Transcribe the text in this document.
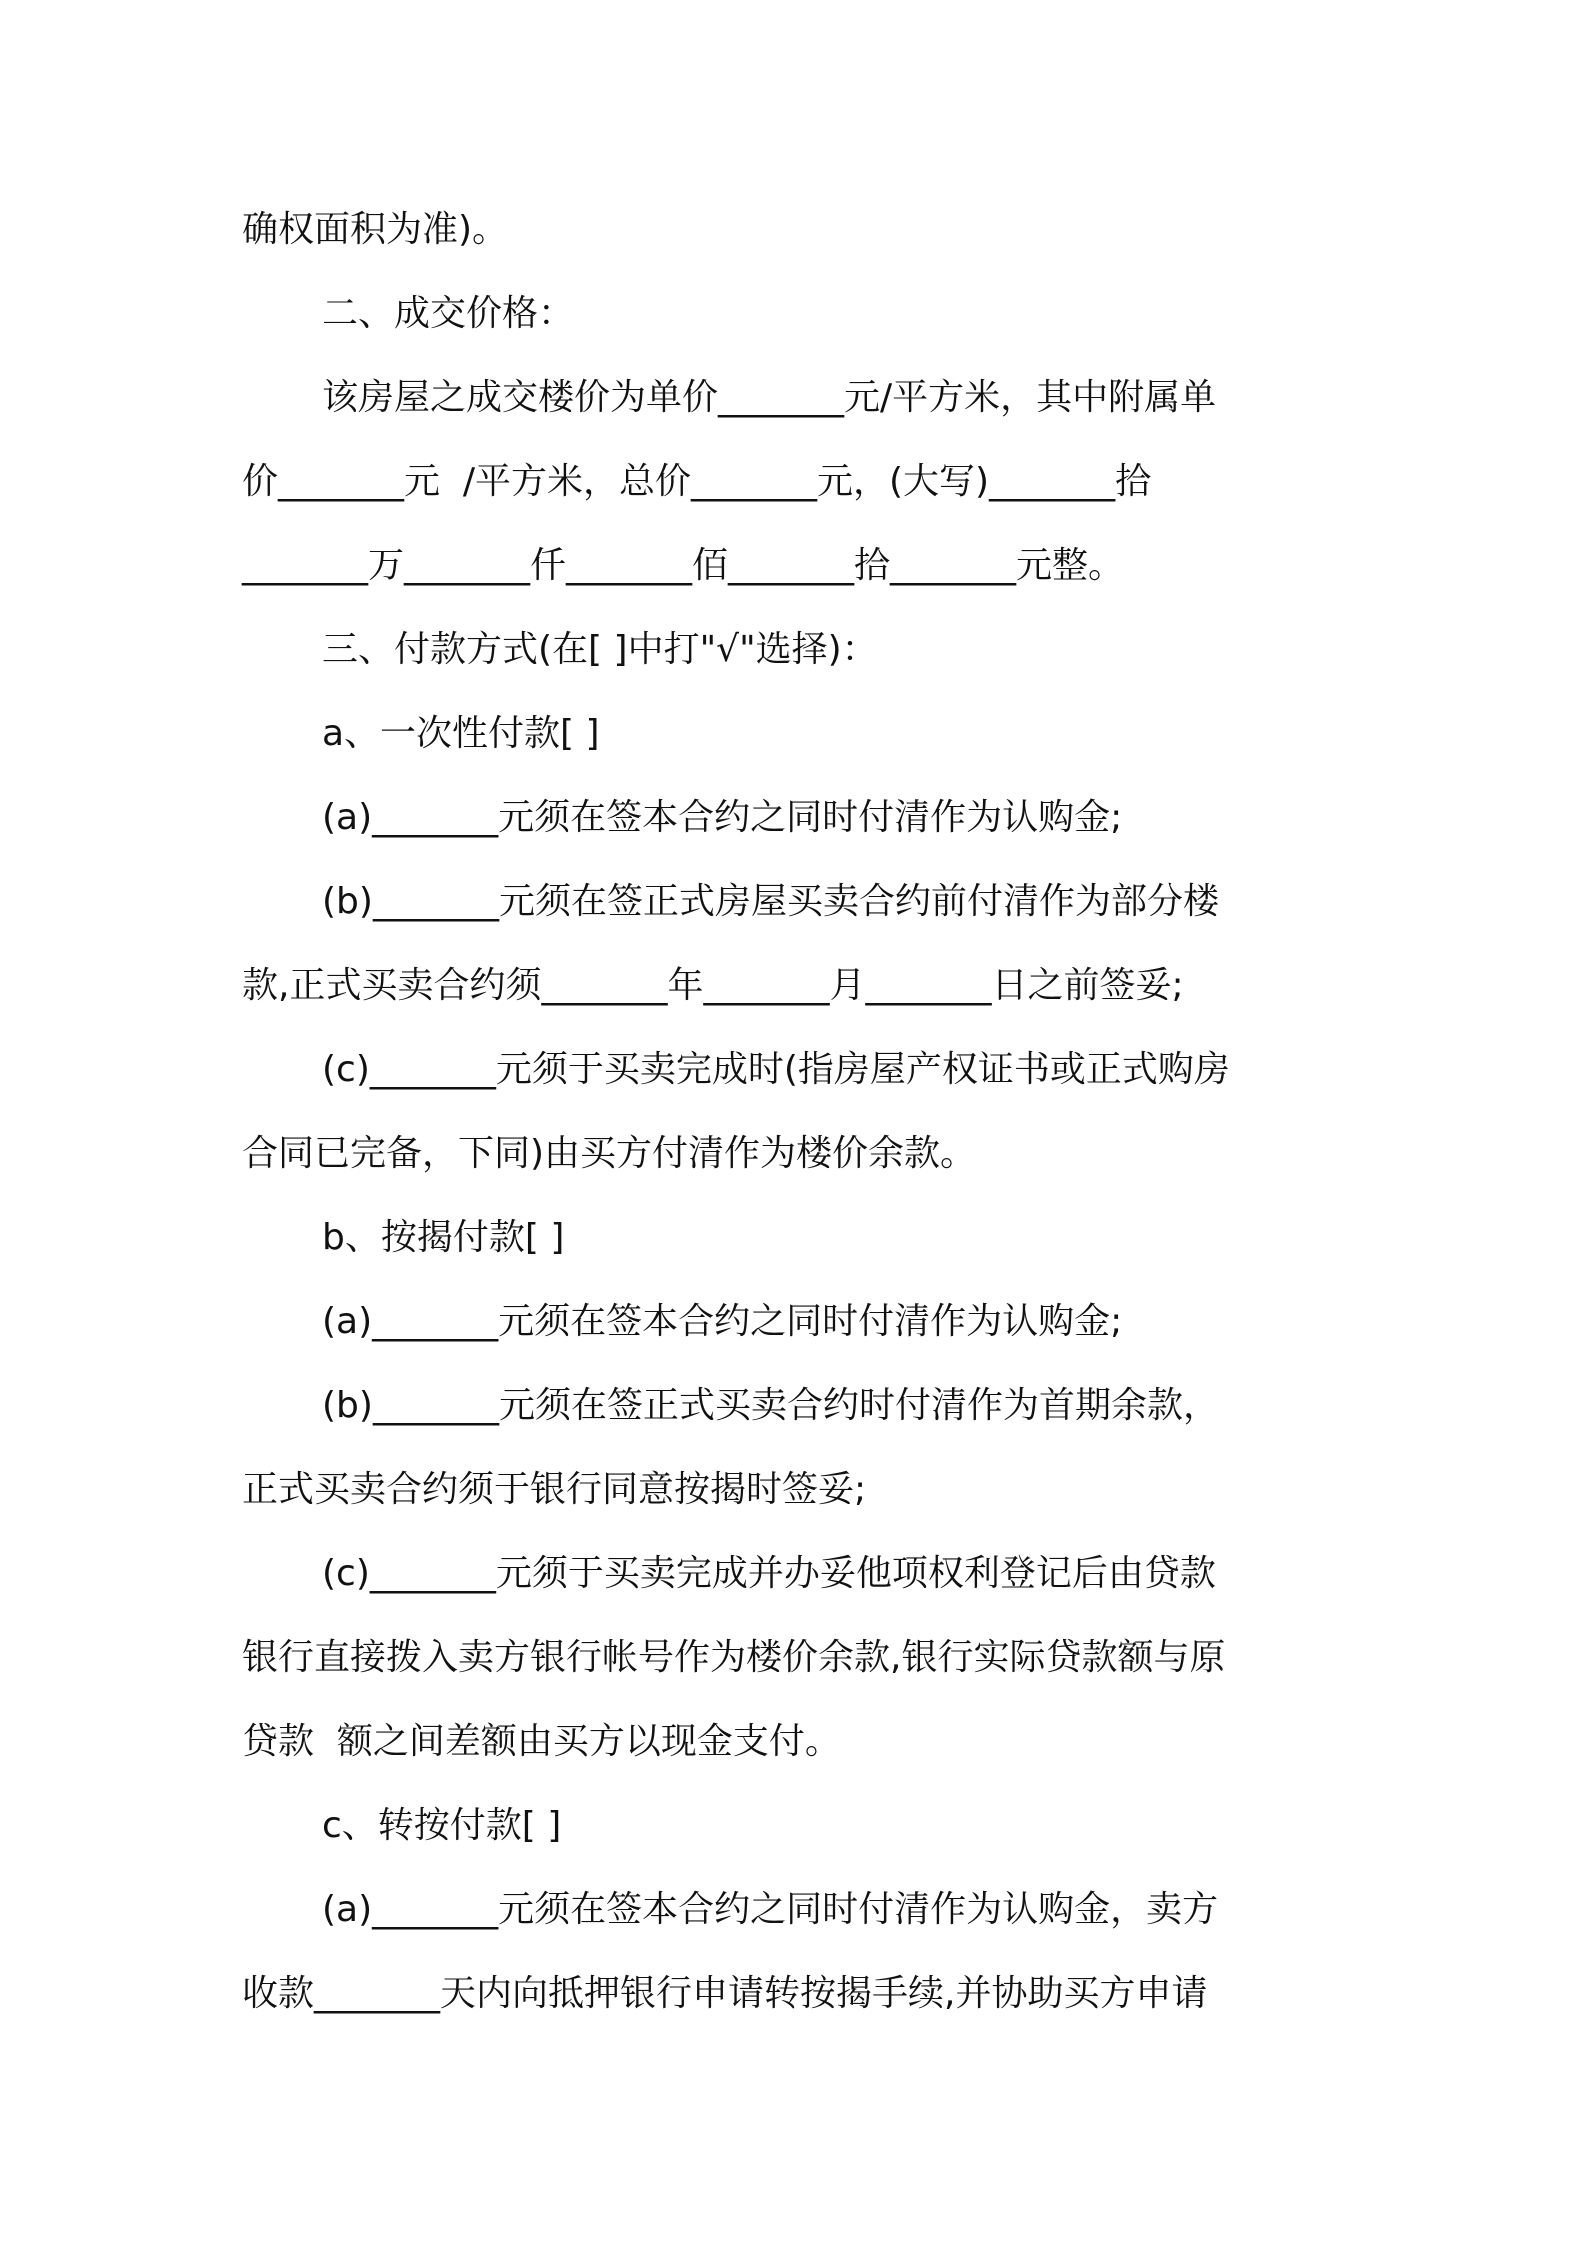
确权面积为准)。

二、成交价格：

该房屋之成交楼价为单价_______元/平方米，其中附属单

价_______元  /平方米，总价_______元，(大写)_______拾

_______万_______仟_______佰_______拾_______元整。

三、付款方式(在[ ]中打"√"选择)：

a、一次性付款[ ]

(a)_______元须在签本合约之同时付清作为认购金;

(b)_______元须在签正式房屋买卖合约前付清作为部分楼

款,正式买卖合约须_______年_______月_______日之前签妥;

(c)_______元须于买卖完成时(指房屋产权证书或正式购房

合同已完备，下同)由买方付清作为楼价余款。

b、按揭付款[ ]

(a)_______元须在签本合约之同时付清作为认购金;

(b)_______元须在签正式买卖合约时付清作为首期余款，

正式买卖合约须于银行同意按揭时签妥;

(c)_______元须于买卖完成并办妥他项权利登记后由贷款

银行直接拨入卖方银行帐号作为楼价余款,银行实际贷款额与原

贷款  额之间差额由买方以现金支付。

c、转按付款[ ]

(a)_______元须在签本合约之同时付清作为认购金，卖方

收款_______天内向抵押银行申请转按揭手续,并协助买方申请
